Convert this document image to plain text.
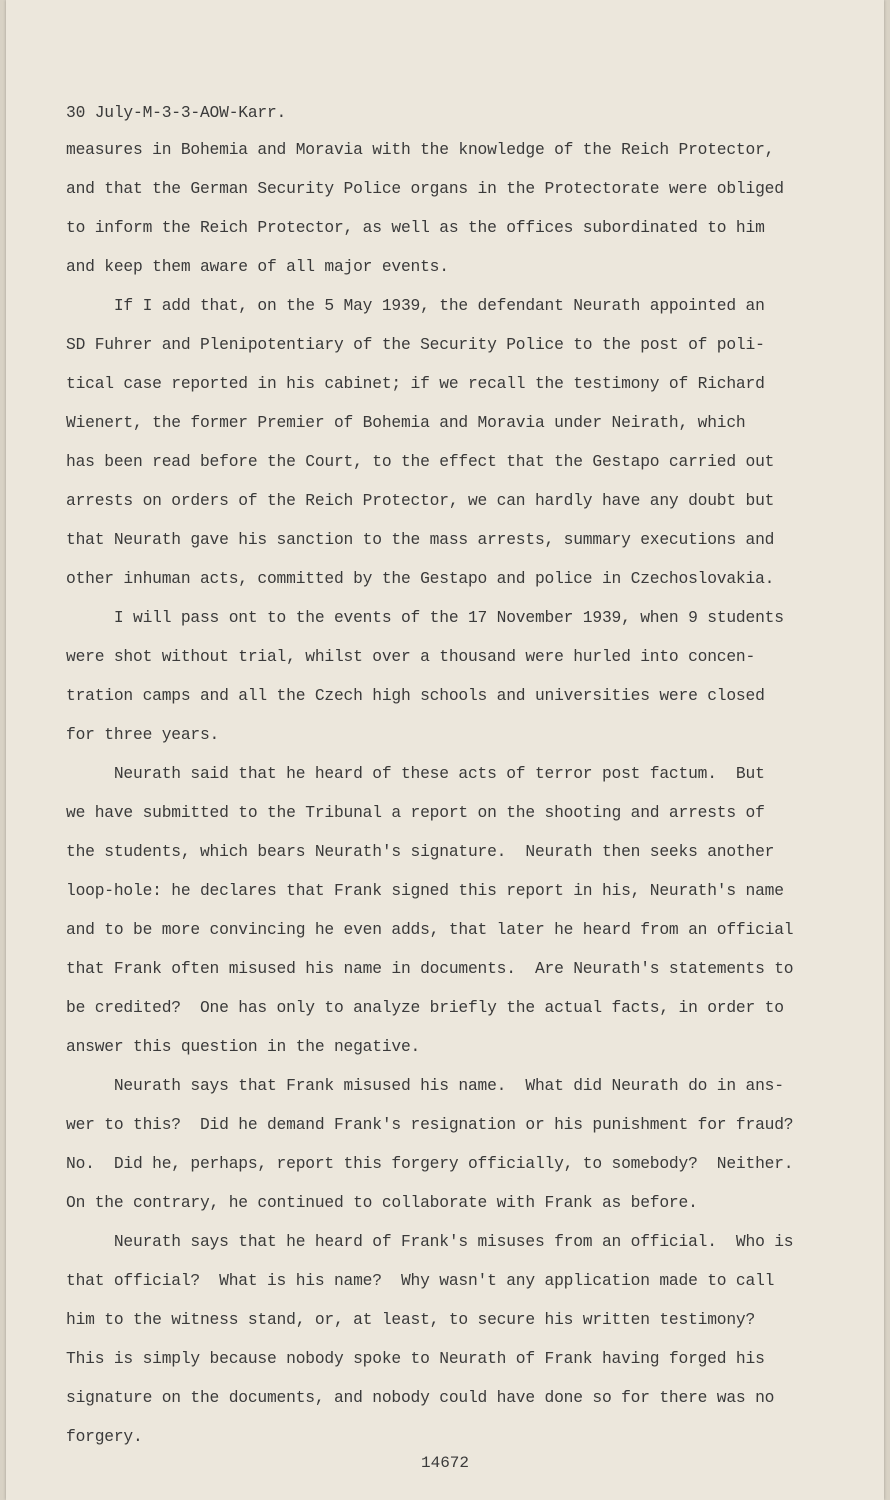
30 July-M-3-3-AOW-Karr.
measures in Bohemia and Moravia with the knowledge of the Reich Protector,
and that the German Security Police organs in the Protectorate were obliged
to inform the Reich Protector, as well as the offices subordinated to him
and keep them aware of all major events.
If I add that, on the 5 May 1939, the defendant Neurath appointed an
SD Fuhrer and Plenipotentiary of the Security Police to the post of poli-
tical case reported in his cabinet; if we recall the testimony of Richard
Wienert, the former Premier of Bohemia and Moravia under Neirath, which
has been read before the Court, to the effect that the Gestapo carried out
arrests on orders of the Reich Protector, we can hardly have any doubt but
that Neurath gave his sanction to the mass arrests, summary executions and
other inhuman acts, committed by the Gestapo and police in Czechoslovakia.
I will pass ont to the events of the 17 November 1939, when 9 students
were shot without trial, whilst over a thousand were hurled into concen-
tration camps and all the Czech high schools and universities were closed
for three years.
Neurath said that he heard of these acts of terror post factum.  But
we have submitted to the Tribunal a report on the shooting and arrests of
the students, which bears Neurath's signature.  Neurath then seeks another
loop-hole: he declares that Frank signed this report in his, Neurath's name
and to be more convincing he even adds, that later he heard from an official
that Frank often misused his name in documents.  Are Neurath's statements to
be credited?  One has only to analyze briefly the actual facts, in order to
answer this question in the negative.
Neurath says that Frank misused his name.  What did Neurath do in ans-
wer to this?  Did he demand Frank's resignation or his punishment for fraud?
No.  Did he, perhaps, report this forgery officially, to somebody?  Neither.
On the contrary, he continued to collaborate with Frank as before.
Neurath says that he heard of Frank's misuses from an official.  Who is
that official?  What is his name?  Why wasn't any application made to call
him to the witness stand, or, at least, to secure his written testimony?
This is simply because nobody spoke to Neurath of Frank having forged his
signature on the documents, and nobody could have done so for there was no
forgery.
14672
